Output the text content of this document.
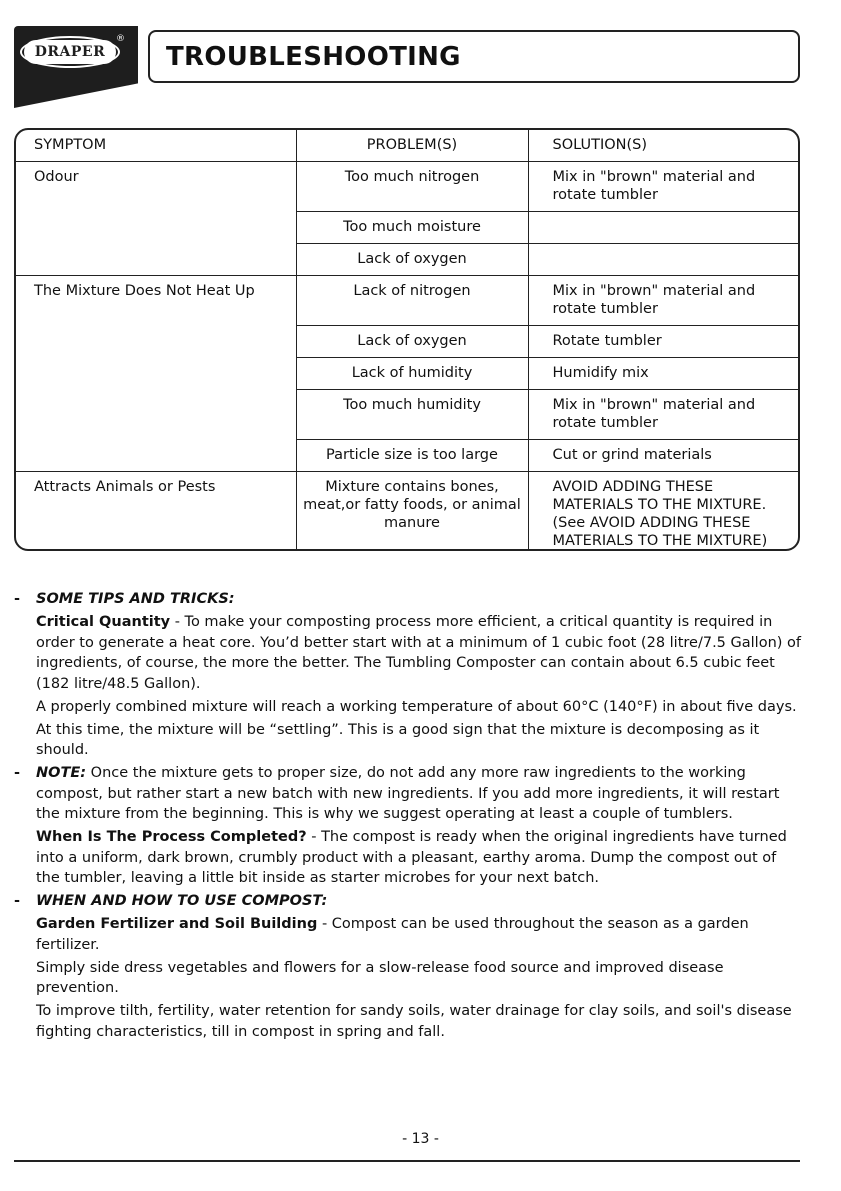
DRAPER
®
TROUBLESHOOTING
SYMPTOM	PROBLEM(S)	SOLUTION(S)
Odour	Too much nitrogen	Mix in "brown" material and rotate tumbler
	Too much moisture	
	Lack of oxygen	
The Mixture Does Not Heat Up	Lack of nitrogen	Mix in "brown" material and rotate tumbler
	Lack of oxygen	Rotate tumbler
	Lack of humidity	Humidify mix
	Too much humidity	Mix in "brown" material and rotate tumbler
	Particle size is too large	Cut or grind materials
Attracts Animals or Pests	Mixture contains bones, meat,or fatty foods, or animal manure	AVOID ADDING THESE MATERIALS TO THE MIXTURE. (See AVOID ADDING THESE MATERIALS TO THE MIXTURE)
- SOME TIPS AND TRICKS:

Critical Quantity - To make your composting process more efficient, a critical quantity is required in order to generate a heat core. You’d better start with at a minimum of 1 cubic foot (28 litre/7.5 Gallon) of ingredients, of course, the more the better. The Tumbling Composter can contain about 6.5 cubic feet (182 litre/48.5 Gallon).

A properly combined mixture will reach a working temperature of about 60°C (140°F) in about five days.

At this time, the mixture will be “settling”. This is a good sign that the mixture is decomposing as it should.

- NOTE: Once the mixture gets to proper size, do not add any more raw ingredients to the working compost, but rather start a new batch with new ingredients. If you add more ingredients, it will restart the mixture from the beginning. This is why we suggest operating at least a couple of tumblers.

When Is The Process Completed? - The compost is ready when the original ingredients have turned into a uniform, dark brown, crumbly product with a pleasant, earthy aroma. Dump the compost out of the tumbler, leaving a little bit inside as starter microbes for your next batch.

- WHEN AND HOW TO USE COMPOST:

Garden Fertilizer and Soil Building - Compost can be used throughout the season as a garden fertilizer.

Simply side dress vegetables and flowers for a slow-release food source and improved disease prevention.

To improve tilth, fertility, water retention for sandy soils, water drainage for clay soils, and soil's disease fighting characteristics, till in compost in spring and fall.

- 13 -
